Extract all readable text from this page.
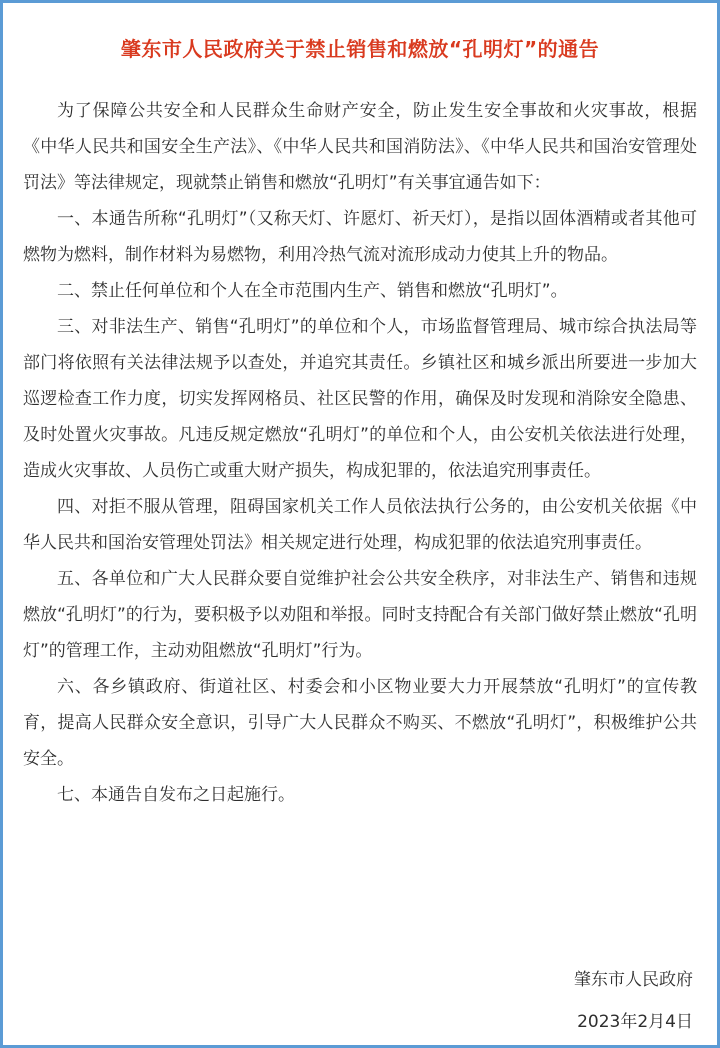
肇东市人民政府关于禁止销售和燃放“孔明灯”的通告

为了保障公共安全和人民群众生命财产安全，防止发生安全事故和火灾事故，根据《中华人民共和国安全生产法》、《中华人民共和国消防法》、《中华人民共和国治安管理处罚法》等法律规定，现就禁止销售和燃放“孔明灯”有关事宜通告如下：

一、本通告所称“孔明灯”（又称天灯、许愿灯、祈天灯），是指以固体酒精或者其他可燃物为燃料，制作材料为易燃物，利用冷热气流对流形成动力使其上升的物品。

二、禁止任何单位和个人在全市范围内生产、销售和燃放“孔明灯”。

三、对非法生产、销售“孔明灯”的单位和个人，市场监督管理局、城市综合执法局等部门将依照有关法律法规予以查处，并追究其责任。乡镇社区和城乡派出所要进一步加大巡逻检查工作力度，切实发挥网格员、社区民警的作用，确保及时发现和消除安全隐患、及时处置火灾事故。凡违反规定燃放“孔明灯”的单位和个人，由公安机关依法进行处理，造成火灾事故、人员伤亡或重大财产损失，构成犯罪的，依法追究刑事责任。

四、对拒不服从管理，阻碍国家机关工作人员依法执行公务的，由公安机关依据《中华人民共和国治安管理处罚法》相关规定进行处理，构成犯罪的依法追究刑事责任。

五、各单位和广大人民群众要自觉维护社会公共安全秩序，对非法生产、销售和违规燃放“孔明灯”的行为，要积极予以劝阻和举报。同时支持配合有关部门做好禁止燃放“孔明灯”的管理工作，主动劝阻燃放“孔明灯”行为。

六、各乡镇政府、街道社区、村委会和小区物业要大力开展禁放“孔明灯”的宣传教育，提高人民群众安全意识，引导广大人民群众不购买、不燃放“孔明灯”，积极维护公共安全。

七、本通告自发布之日起施行。

肇东市人民政府
2023年2月4日
